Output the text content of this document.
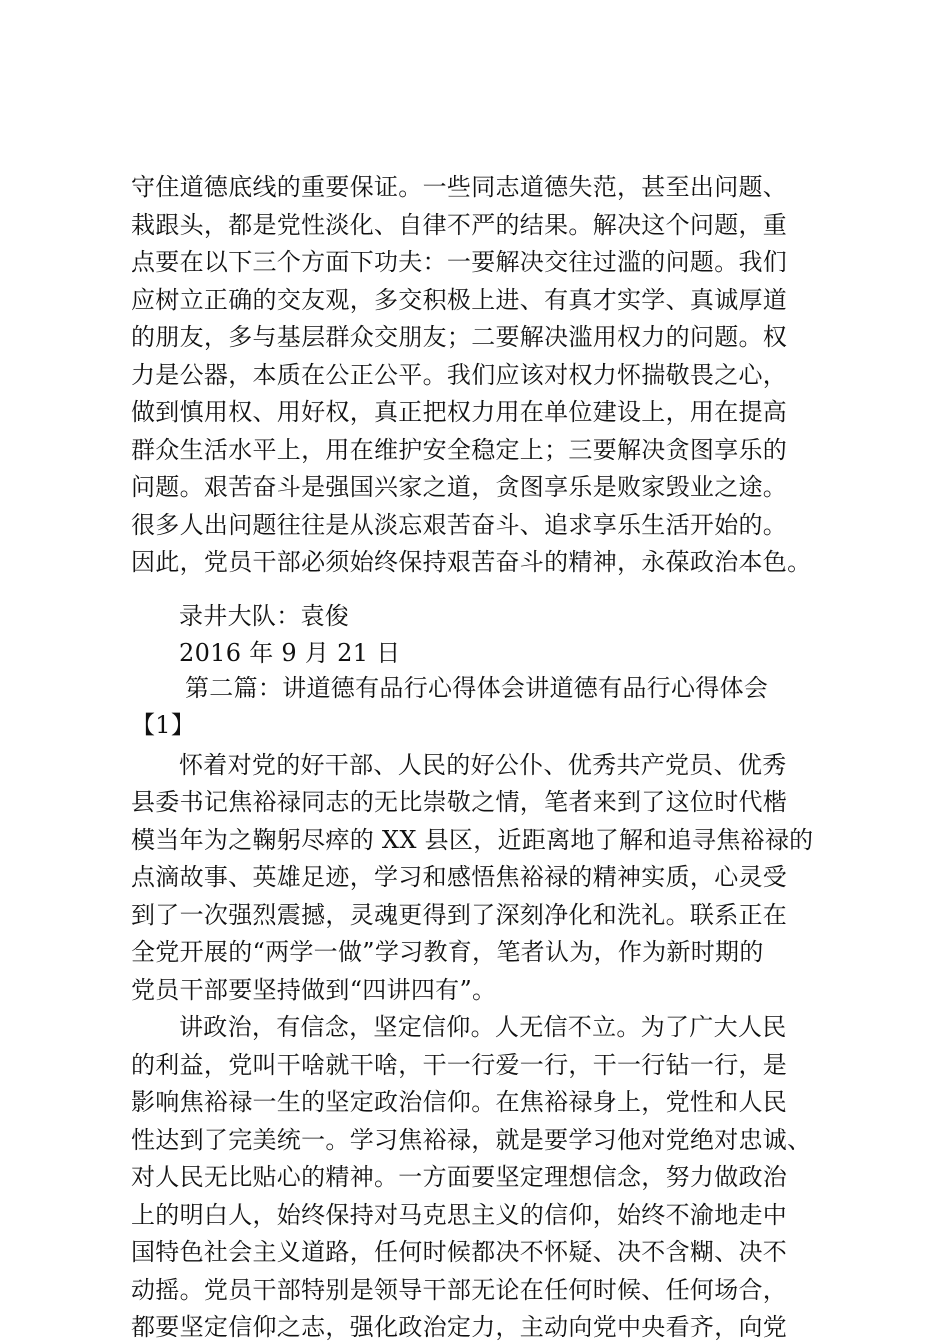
守住道德底线的重要保证。一些同志道德失范，甚至出问题、
栽跟头，都是党性淡化、自律不严的结果。解决这个问题，重
点要在以下三个方面下功夫：一要解决交往过滥的问题。我们
应树立正确的交友观，多交积极上进、有真才实学、真诚厚道
的朋友，多与基层群众交朋友；二要解决滥用权力的问题。权
力是公器，本质在公正公平。我们应该对权力怀揣敬畏之心，
做到慎用权、用好权，真正把权力用在单位建设上，用在提高
群众生活水平上，用在维护安全稳定上；三要解决贪图享乐的
问题。艰苦奋斗是强国兴家之道，贪图享乐是败家毁业之途。
很多人出问题往往是从淡忘艰苦奋斗、追求享乐生活开始的。
因此，党员干部必须始终保持艰苦奋斗的精神，永葆政治本色。
录井大队：袁俊
2016 年 9 月 21 日
第二篇：讲道德有品行心得体会讲道德有品行心得体会
【1】
怀着对党的好干部、人民的好公仆、优秀共产党员、优秀
县委书记焦裕禄同志的无比崇敬之情，笔者来到了这位时代楷
模当年为之鞠躬尽瘁的 XX 县区，近距离地了解和追寻焦裕禄的
点滴故事、英雄足迹，学习和感悟焦裕禄的精神实质，心灵受
到了一次强烈震撼，灵魂更得到了深刻净化和洗礼。联系正在
全党开展的“两学一做”学习教育，笔者认为，作为新时期的
党员干部要坚持做到“四讲四有”。
讲政治，有信念，坚定信仰。人无信不立。为了广大人民
的利益，党叫干啥就干啥，干一行爱一行，干一行钻一行，是
影响焦裕禄一生的坚定政治信仰。在焦裕禄身上，党性和人民
性达到了完美统一。学习焦裕禄，就是要学习他对党绝对忠诚、
对人民无比贴心的精神。一方面要坚定理想信念，努力做政治
上的明白人，始终保持对马克思主义的信仰，始终不渝地走中
国特色社会主义道路，任何时候都决不怀疑、决不含糊、决不
动摇。党员干部特别是领导干部无论在任何时候、任何场合，
都要坚定信仰之志，强化政治定力，主动向党中央看齐，向党
